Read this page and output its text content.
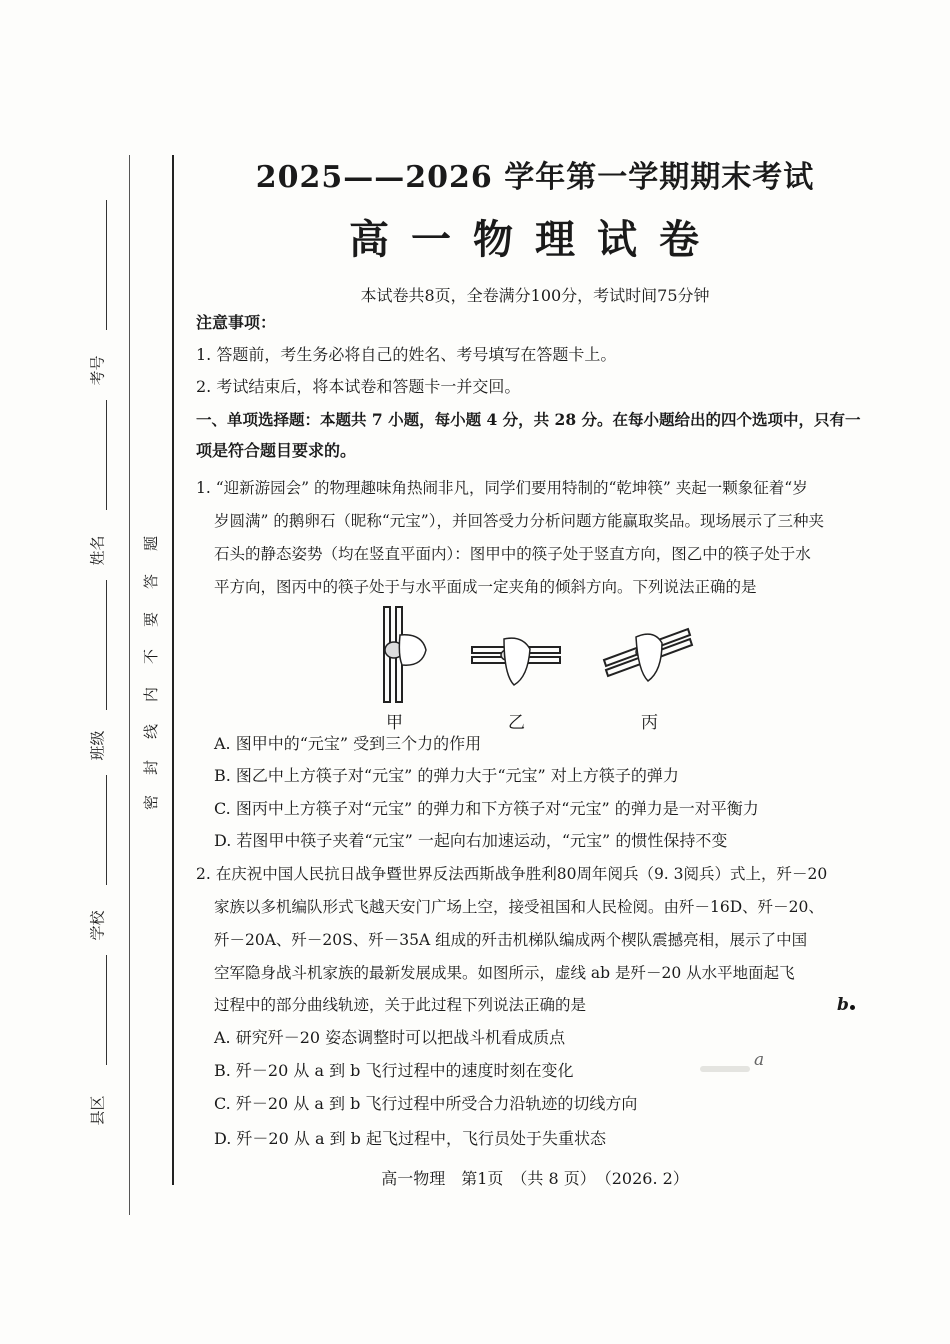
考号
姓名
班级
学校
县区
密
封
线
内
不
要
答
题
2025——2026 学年第一学期期末考试
高一物理试卷
本试卷共8页，全卷满分100分，考试时间75分钟
注意事项：
1. 答题前，考生务必将自己的姓名、考号填写在答题卡上。
2. 考试结束后，将本试卷和答题卡一并交回。
一、单项选择题：本题共 7 小题，每小题 4 分，共 28 分。在每小题给出的四个选项中，只有一
项是符合题目要求的。
1. “迎新游园会” 的物理趣味角热闹非凡，同学们要用特制的“乾坤筷” 夹起一颗象征着“岁
岁圆满” 的鹅卵石（昵称“元宝”），并回答受力分析问题方能赢取奖品。现场展示了三种夹
石头的静态姿势（均在竖直平面内）：图甲中的筷子处于竖直方向，图乙中的筷子处于水
平方向，图丙中的筷子处于与水平面成一定夹角的倾斜方向。下列说法正确的是
甲	乙	丙
A. 图甲中的“元宝” 受到三个力的作用
B. 图乙中上方筷子对“元宝” 的弹力大于“元宝” 对上方筷子的弹力
C. 图丙中上方筷子对“元宝” 的弹力和下方筷子对“元宝” 的弹力是一对平衡力
D. 若图甲中筷子夹着“元宝” 一起向右加速运动，“元宝” 的惯性保持不变
2. 在庆祝中国人民抗日战争暨世界反法西斯战争胜利80周年阅兵（9. 3阅兵）式上，歼－20
家族以多机编队形式飞越天安门广场上空，接受祖国和人民检阅。由歼－16D、歼－20、
歼－20A、歼－20S、歼－35A 组成的歼击机梯队编成两个楔队震撼亮相，展示了中国
空军隐身战斗机家族的最新发展成果。如图所示，虚线 ab 是歼－20 从水平地面起飞
过程中的部分曲线轨迹，关于此过程下列说法正确的是	b
a
A. 研究歼－20 姿态调整时可以把战斗机看成质点
B. 歼－20 从 a 到 b 飞行过程中的速度时刻在变化
C. 歼－20 从 a 到 b 飞行过程中所受合力沿轨迹的切线方向
D. 歼－20 从 a 到 b 起飞过程中，飞行员处于失重状态
高一物理　第1页　（共 8 页）　（2026. 2）
